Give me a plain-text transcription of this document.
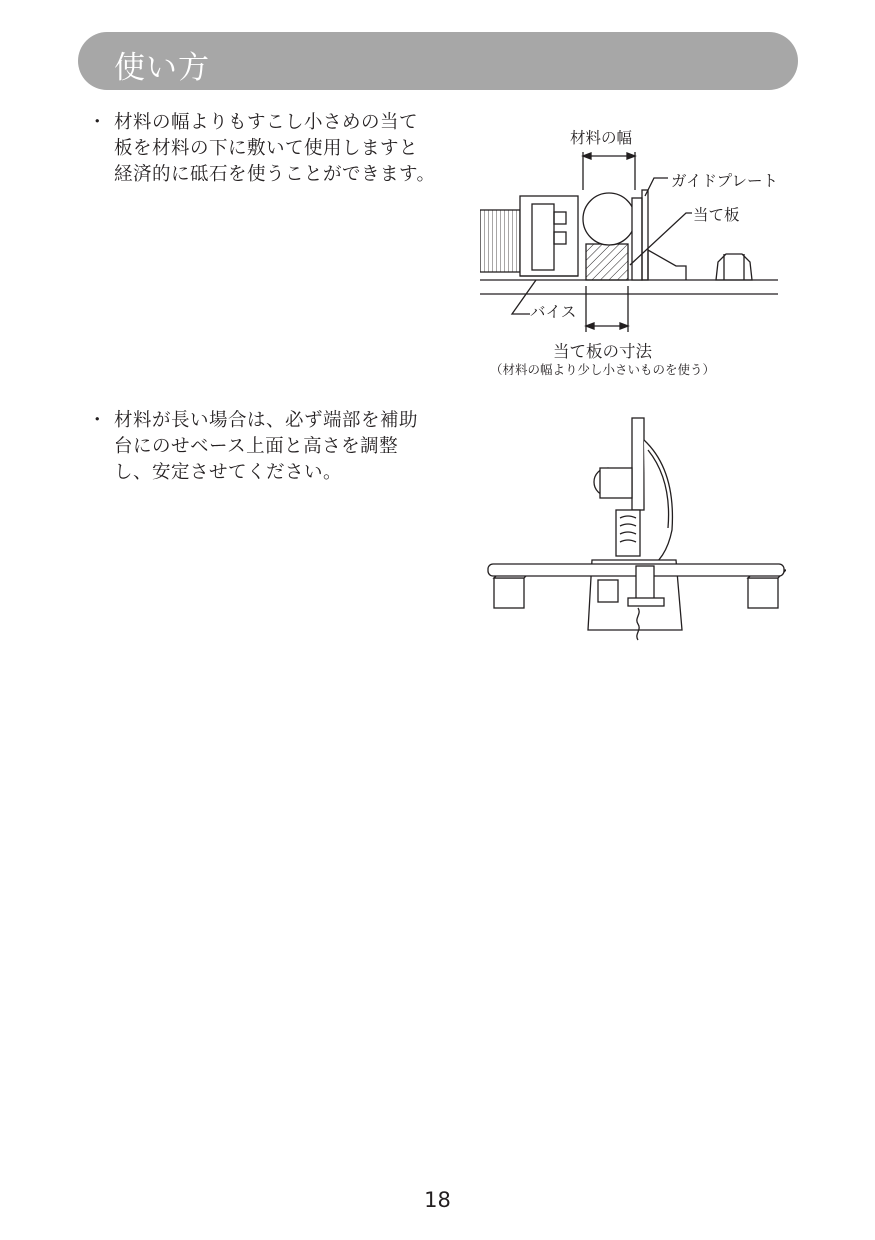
使い方
・ 材料の幅よりもすこし小さめの当て
板を材料の下に敷いて使用しますと
経済的に砥石を使うことができます。
材料の幅
ガイドプレート
当て板
バイス
当て板の寸法
（材料の幅より少し小さいものを使う）
・ 材料が長い場合は、必ず端部を補助
台にのせベース上面と高さを調整
し、安定させてください。
18
